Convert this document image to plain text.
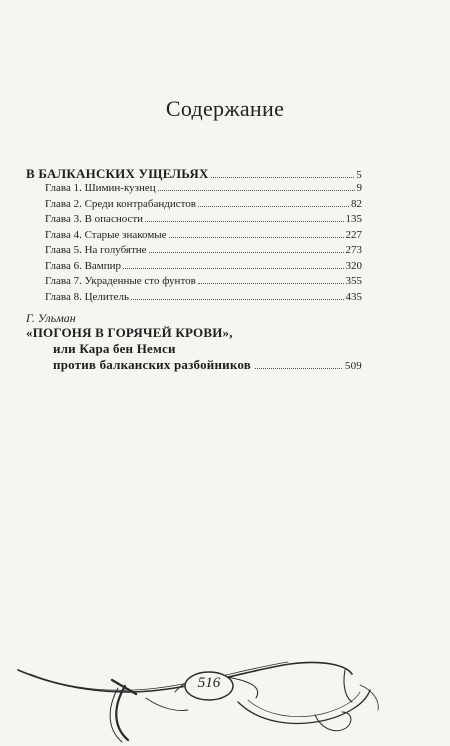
Содержание
В БАЛКАНСКИХ УЩЕЛЬЯХ	5
Глава 1. Шимин-кузнец	9
Глава 2. Среди контрабандистов	82
Глава 3. В опасности	135
Глава 4. Старые знакомые	227
Глава 5. На голубятне	273
Глава 6. Вампир	320
Глава 7. Украденные сто фунтов	355
Глава 8. Целитель	435
Г. Ульман
«ПОГОНЯ В ГОРЯЧЕЙ КРОВИ»,
или Кара бен Немси
против балканских разбойников	509
516
